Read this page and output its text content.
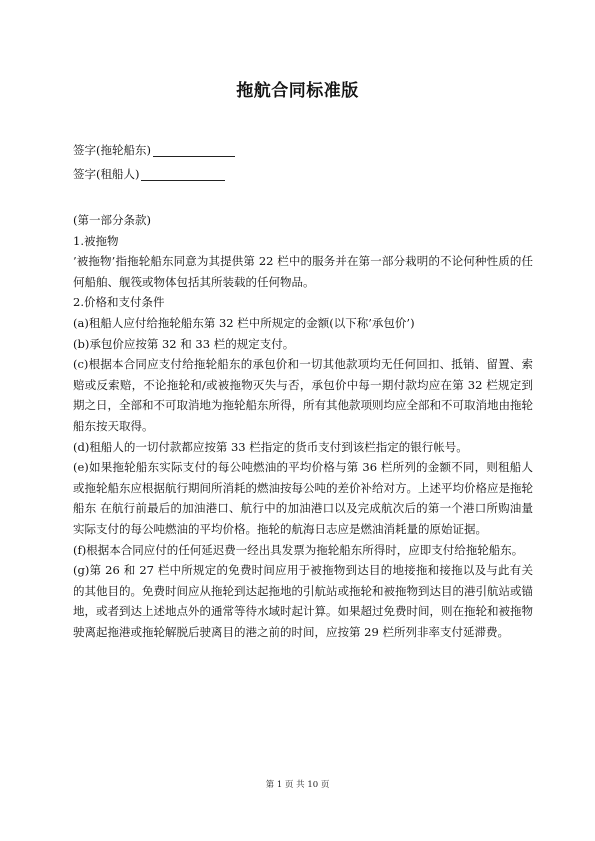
拖航合同标准版
签字(拖轮船东)
签字(租船人)

(第一部分条款)

1.被拖物

’被拖物’指拖轮船东同意为其提供第 22 栏中的服务并在第一部分栽明的不论何种性质的任何船舶、舰筏或物体包括其所装载的任何物品。

2.价格和支付条件

(a)租船人应付给拖轮船东第 32 栏中所规定的金额(以下称’承包价’)

(b)承包价应按第 32 和 33 栏的规定支付。

(c)根据本合同应支付给拖轮船东的承包价和一切其他款项均无任何回扣、抵销、留置、索赔或反索赔，不论拖轮和/或被拖物灭失与否，承包价中每一期付款均应在第 32 栏规定到期之日，全部和不可取消地为拖轮船东所得，所有其他款项则均应全部和不可取消地由拖轮船东按天取得。

(d)租船人的一切付款都应按第 33 栏指定的货币支付到该栏指定的银行帐号。

(e)如果拖轮船东实际支付的每公吨燃油的平均价格与第 36 栏所列的金额不同，则租船人或拖轮船东应根据航行期间所消耗的燃油按每公吨的差价补给对方。上述平均价格应是拖轮船东 在航行前最后的加油港口、航行中的加油港口以及完成航次后的第一个港口所购油量实际支付的每公吨燃油的平均价格。拖轮的航海日志应是燃油消耗量的原始证据。

(f)根据本合同应付的任何延迟费一经出具发票为拖轮船东所得时，应即支付给拖轮船东。

(g)第 26 和 27 栏中所规定的免费时间应用于被拖物到达目的地接拖和接拖以及与此有关的其他目的。免费时间应从拖轮到达起拖地的引航站或拖轮和被拖物到达目的港引航站或锚地，或者到达上述地点外的通常等待水域时起计算。如果超过免费时间，则在拖轮和被拖物驶离起拖港或拖轮解脱后驶离目的港之前的时间，应按第 29 栏所列非率支付延滞费。

第 1 页 共 10 页
